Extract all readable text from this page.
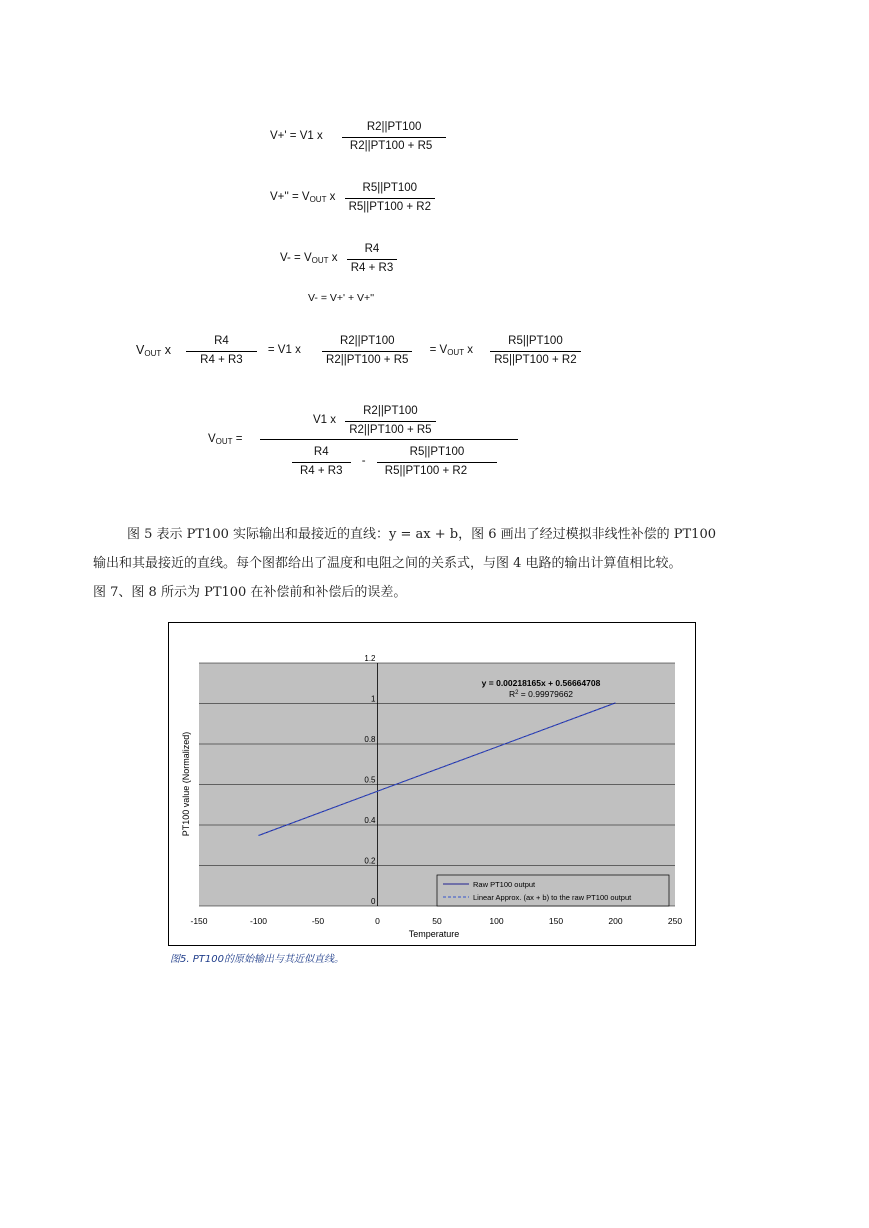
V+' = V1 x $\frac{R2||PT100}{R2||PT100 + R5}$
$V+'' = V_{OUT}$ x $\frac{R5||PT100}{R5||PT100 + R2}$
$V- = V_{OUT}$ x $\frac{R4}{R4 + R3}$
V- = V+' + V+''
$V_{OUT}$ x $\frac{R4}{R4 + R3} = V1$ x $\frac{R2||PT100}{R2||PT100 + R5} = V_{OUT}$ x $\frac{R5||PT100}{R5||PT100 + R2}$
$V_{OUT}$ =
V1 x $\frac{R2||PT100}{R2||PT100 + R5}$
$\frac{R4}{R4 + R3} - \frac{R5||PT100}{R5||PT100 + R2}$

图 5 表示 PT100 实际输出和最接近的直线：y = ax + b，图 6 画出了经过模拟非线性补偿的 PT100

输出和其最接近的直线。每个图都给出了温度和电阻之间的关系式，与图 4 电路的输出计算值相比较。

图 7、图 8 所示为 PT100 在补偿前和补偿后的误差。

0
0.2
0.4
0.5
0.8
1
1.2
-150	-100	-50	0	50	100	150	200	250
Temperature
PT100 value (Normalized)
y = 0.00218165x + 0.56664708
$R^2 = 0.99979662$
Raw PT100 output
Linear Approx. (ax + b) to the raw PT100 output
图5. PT100的原始输出与其近似直线。
